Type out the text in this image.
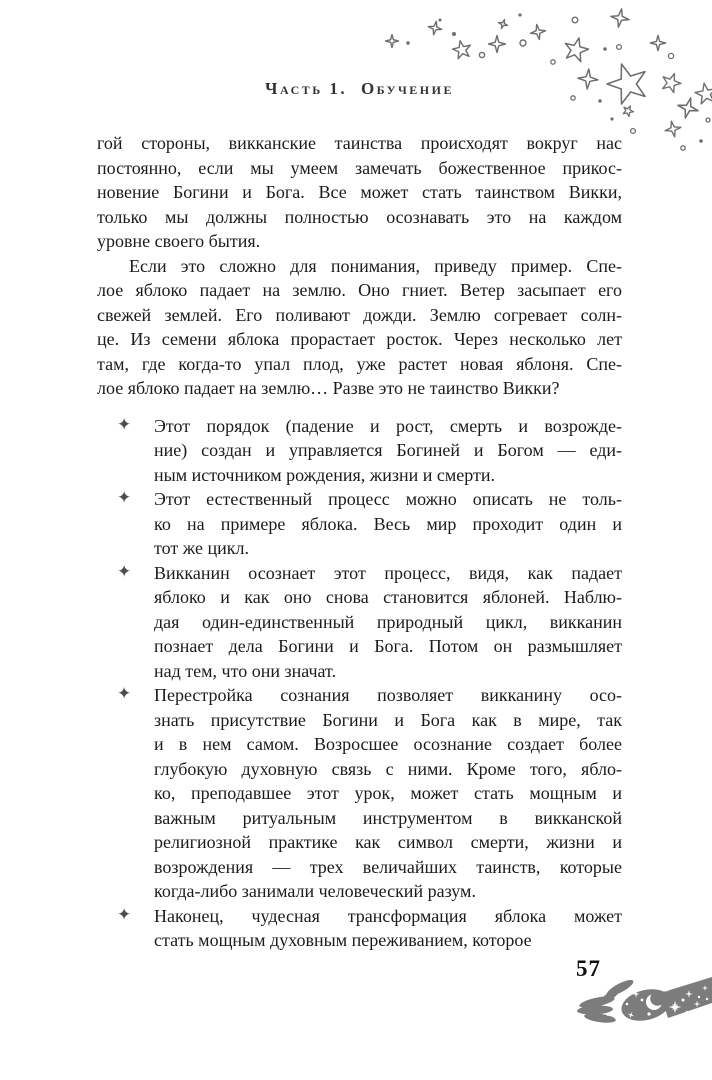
Часть 1. Обучение
гой стороны, викканские таинства происходят вокруг нас
постоянно, если мы умеем замечать божественное прикос-
новение Богини и Бога. Все может стать таинством Викки,
только мы должны полностью осознавать это на каждом
уровне своего бытия.
Если это сложно для понимания, приведу пример. Спе-
лое яблоко падает на землю. Оно гниет. Ветер засыпает его
свежей землей. Его поливают дожди. Землю согревает солн-
це. Из семени яблока прорастает росток. Через несколько лет
там, где когда-то упал плод, уже растет новая яблоня. Спе-
лое яблоко падает на землю… Разве это не таинство Викки?
✦ Этот порядок (падение и рост, смерть и возрожде-
ние) создан и управляется Богиней и Богом — еди-
ным источником рождения, жизни и смерти.
✦ Этот естественный процесс можно описать не толь-
ко на примере яблока. Весь мир проходит один и
тот же цикл.
✦ Викканин осознает этот процесс, видя, как падает
яблоко и как оно снова становится яблоней. Наблю-
дая один-единственный природный цикл, викканин
познает дела Богини и Бога. Потом он размышляет
над тем, что они значат.
✦ Перестройка сознания позволяет викканину осо-
знать присутствие Богини и Бога как в мире, так
и в нем самом. Возросшее осознание создает более
глубокую духовную связь с ними. Кроме того, ябло-
ко, преподавшее этот урок, может стать мощным и
важным ритуальным инструментом в викканской
религиозной практике как символ смерти, жизни и
возрождения — трех величайших таинств, которые
когда-либо занимали человеческий разум.
✦ Наконец, чудесная трансформация яблока может
стать мощным духовным переживанием, которое
57
